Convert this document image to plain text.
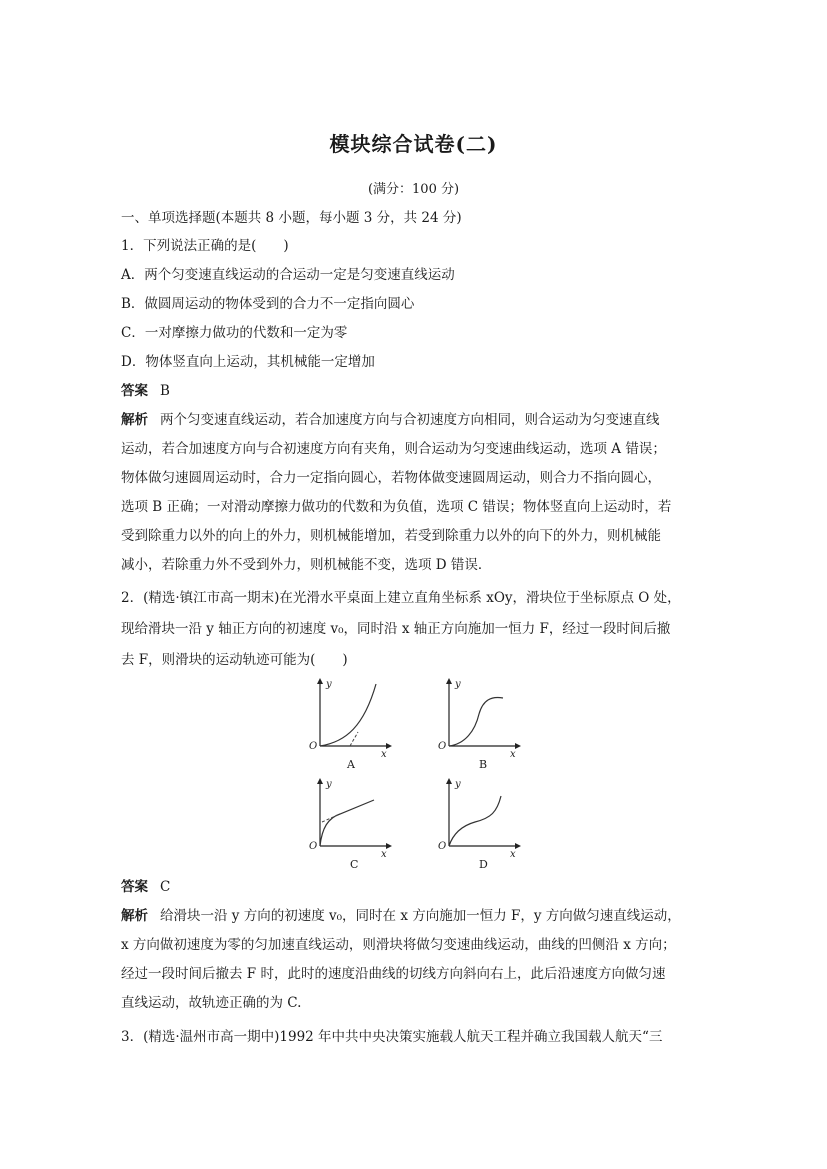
模块综合试卷(二)
(满分：100 分)
一、单项选择题(本题共 8 小题，每小题 3 分，共 24 分)
1．下列说法正确的是(　　)
A．两个匀变速直线运动的合运动一定是匀变速直线运动
B．做圆周运动的物体受到的合力不一定指向圆心
C．一对摩擦力做功的代数和一定为零
D．物体竖直向上运动，其机械能一定增加
答案 B
解析 两个匀变速直线运动，若合加速度方向与合初速度方向相同，则合运动为匀变速直线
运动，若合加速度方向与合初速度方向有夹角，则合运动为匀变速曲线运动，选项 A 错误；
物体做匀速圆周运动时，合力一定指向圆心，若物体做变速圆周运动，则合力不指向圆心，
选项 B 正确；一对滑动摩擦力做功的代数和为负值，选项 C 错误；物体竖直向上运动时，若
受到除重力以外的向上的外力，则机械能增加，若受到除重力以外的向下的外力，则机械能
减小，若除重力外不受到外力，则机械能不变，选项 D 错误．
2．(精选·镇江市高一期末)在光滑水平桌面上建立直角坐标系 xOy，滑块位于坐标原点 O 处，
现给滑块一沿 y 轴正方向的初速度 v₀，同时沿 x 轴正方向施加一恒力 F，经过一段时间后撤
去 F，则滑块的运动轨迹可能为(　　)
y
O
x
A
y
O
x
B
y
O
x
C
y
O
x
D
答案 C
解析 给滑块一沿 y 方向的初速度 v₀，同时在 x 方向施加一恒力 F，y 方向做匀速直线运动，
x 方向做初速度为零的匀加速直线运动，则滑块将做匀变速曲线运动，曲线的凹侧沿 x 方向；
经过一段时间后撤去 F 时，此时的速度沿曲线的切线方向斜向右上，此后沿速度方向做匀速
直线运动，故轨迹正确的为 C.
3．(精选·温州市高一期中)1992 年中共中央决策实施载人航天工程并确立我国载人航天“三
